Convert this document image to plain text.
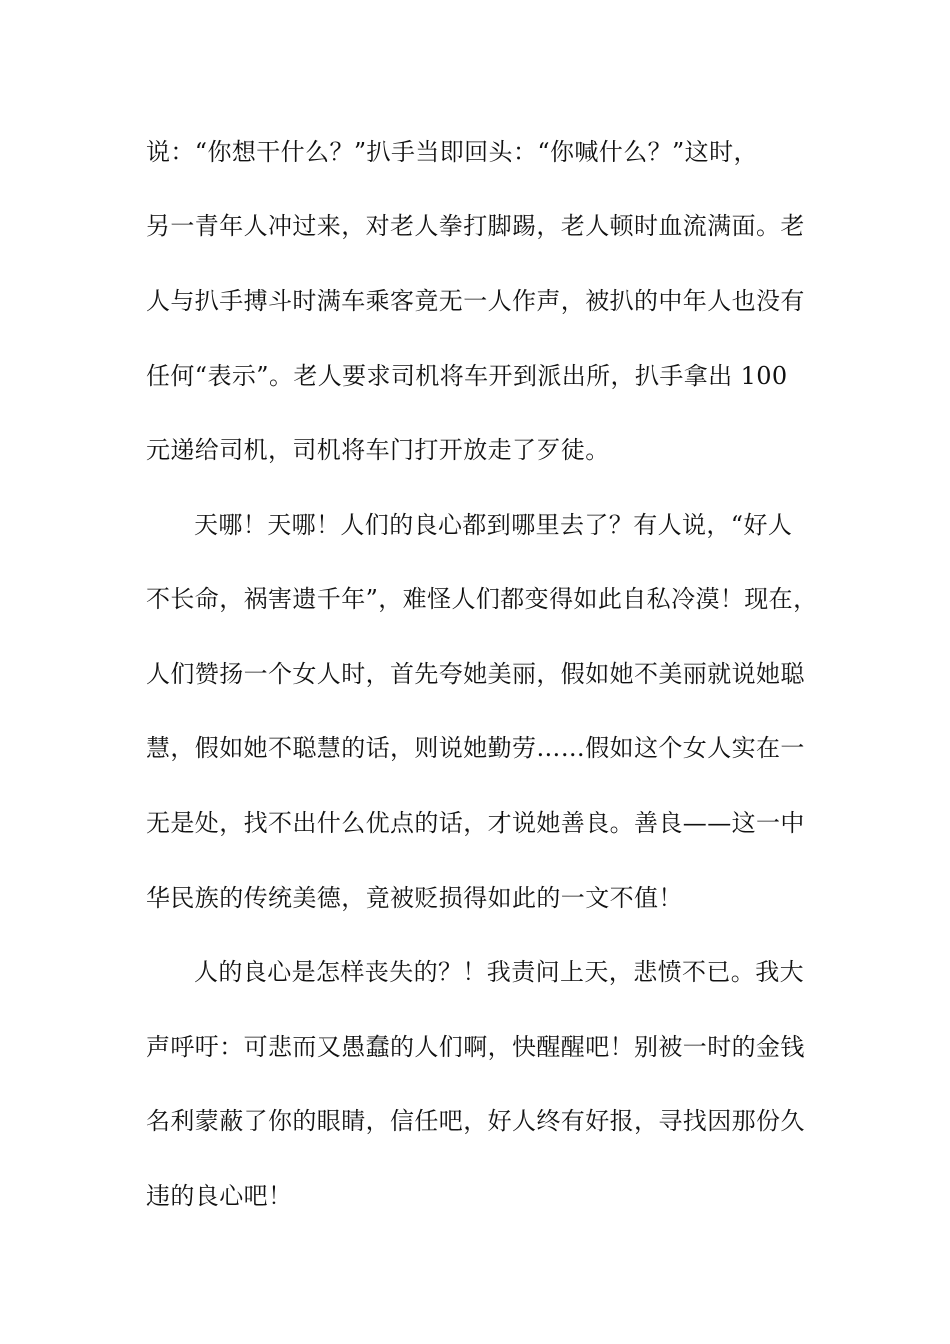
说：“你想干什么？”扒手当即回头：“你喊什么？”这时，
另一青年人冲过来，对老人拳打脚踢，老人顿时血流满面。老
人与扒手搏斗时满车乘客竟无一人作声，被扒的中年人也没有
任何“表示”。老人要求司机将车开到派出所，扒手拿出 100
元递给司机，司机将车门打开放走了歹徒。
天哪！天哪！人们的良心都到哪里去了？有人说，“好人
不长命，祸害遗千年”，难怪人们都变得如此自私冷漠！现在，
人们赞扬一个女人时，首先夸她美丽，假如她不美丽就说她聪
慧，假如她不聪慧的话，则说她勤劳……假如这个女人实在一
无是处，找不出什么优点的话，才说她善良。善良——这一中
华民族的传统美德，竟被贬损得如此的一文不值！
人的良心是怎样丧失的？！我责问上天，悲愤不已。我大
声呼吁：可悲而又愚蠢的人们啊，快醒醒吧！别被一时的金钱
名利蒙蔽了你的眼睛，信任吧，好人终有好报，寻找因那份久
违的良心吧！
